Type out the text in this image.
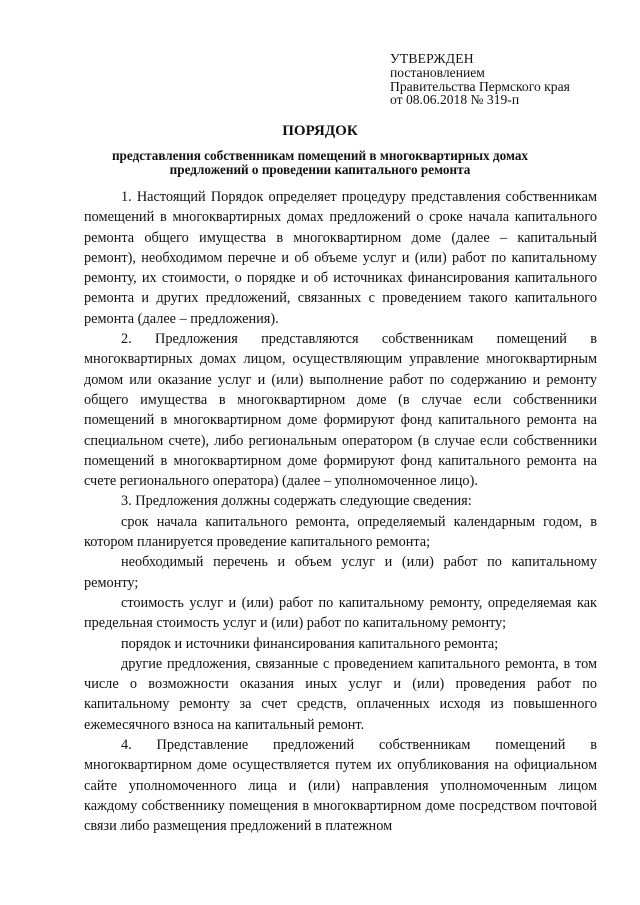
УТВЕРЖДЕН
постановлением
Правительства Пермского края
от 08.06.2018 № 319-п
ПОРЯДОК
представления собственникам помещений в многоквартирных домах
предложений о проведении капитального ремонта

1. Настоящий Порядок определяет процедуру представления собственникам помещений в многоквартирных домах предложений о сроке начала капитального ремонта общего имущества в многоквартирном доме (далее – капитальный ремонт), необходимом перечне и об объеме услуг и (или) работ по капитальному ремонту, их стоимости, о порядке и об источниках финансирования капитального ремонта и других предложений, связанных с проведением такого капитального ремонта (далее – предложения).

2. Предложения представляются собственникам помещений в многоквартирных домах лицом, осуществляющим управление многоквартирным домом или оказание услуг и (или) выполнение работ по содержанию и ремонту общего имущества в многоквартирном доме (в случае если собственники помещений в многоквартирном доме формируют фонд капитального ремонта на специальном счете), либо региональным оператором (в случае если собственники помещений в многоквартирном доме формируют фонд капитального ремонта на счете регионального оператора) (далее – уполномоченное лицо).

3. Предложения должны содержать следующие сведения:

срок начала капитального ремонта, определяемый календарным годом, в котором планируется проведение капитального ремонта;

необходимый перечень и объем услуг и (или) работ по капитальному ремонту;

стоимость услуг и (или) работ по капитальному ремонту, определяемая как предельная стоимость услуг и (или) работ по капитальному ремонту;

порядок и источники финансирования капитального ремонта;

другие предложения, связанные с проведением капитального ремонта, в том числе о возможности оказания иных услуг и (или) проведения работ по капитальному ремонту за счет средств, оплаченных исходя из повышенного ежемесячного взноса на капитальный ремонт.

4. Представление предложений собственникам помещений в многоквартирном доме осуществляется путем их опубликования на официальном сайте уполномоченного лица и (или) направления уполномоченным лицом каждому собственнику помещения в многоквартирном доме посредством почтовой связи либо размещения предложений в платежном
